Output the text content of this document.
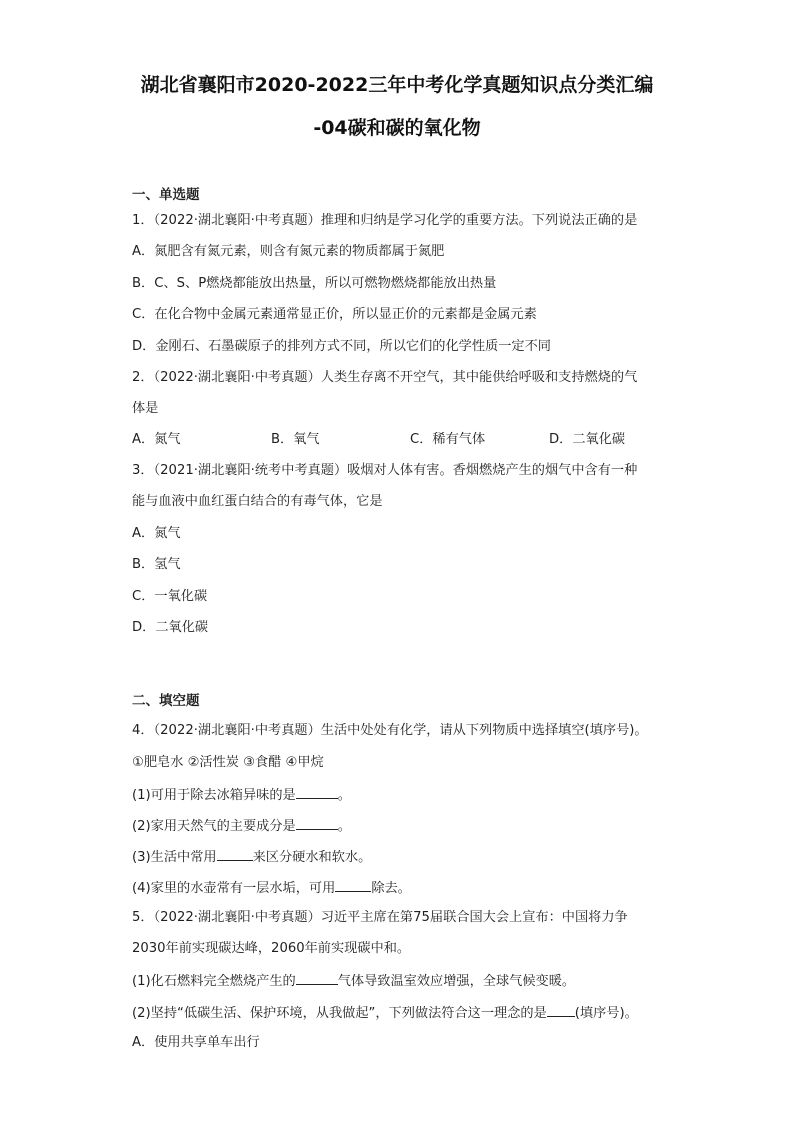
湖北省襄阳市2020-2022三年中考化学真题知识点分类汇编
-04碳和碳的氧化物
一、单选题
1．（2022·湖北襄阳·中考真题）推理和归纳是学习化学的重要方法。下列说法正确的是
A．氮肥含有氮元素，则含有氮元素的物质都属于氮肥
B．C、S、P燃烧都能放出热量，所以可燃物燃烧都能放出热量
C．在化合物中金属元素通常显正价，所以显正价的元素都是金属元素
D．金刚石、石墨碳原子的排列方式不同，所以它们的化学性质一定不同
2．（2022·湖北襄阳·中考真题）人类生存离不开空气，其中能供给呼吸和支持燃烧的气
体是
A．氮气	B．氧气	C．稀有气体	D．二氧化碳
3．（2021·湖北襄阳·统考中考真题）吸烟对人体有害。香烟燃烧产生的烟气中含有一种
能与血液中血红蛋白结合的有毒气体，它是
A．氮气
B．氢气
C．一氧化碳
D．二氧化碳
二、填空题
4．（2022·湖北襄阳·中考真题）生活中处处有化学，请从下列物质中选择填空(填序号)。
①肥皂水 ②活性炭 ③食醋 ④甲烷
(1)可用于除去冰箱异味的是	。
(2)家用天然气的主要成分是	。
(3)生活中常用	来区分硬水和软水。
(4)家里的水壶常有一层水垢，可用	除去。
5．（2022·湖北襄阳·中考真题）习近平主席在第75届联合国大会上宣布：中国将力争
2030年前实现碳达峰，2060年前实现碳中和。
(1)化石燃料完全燃烧产生的	气体导致温室效应增强，全球气候变暖。
(2)坚持“低碳生活、保护环境，从我做起”，下列做法符合这一理念的是 (填序号)。
A．使用共享单车出行
